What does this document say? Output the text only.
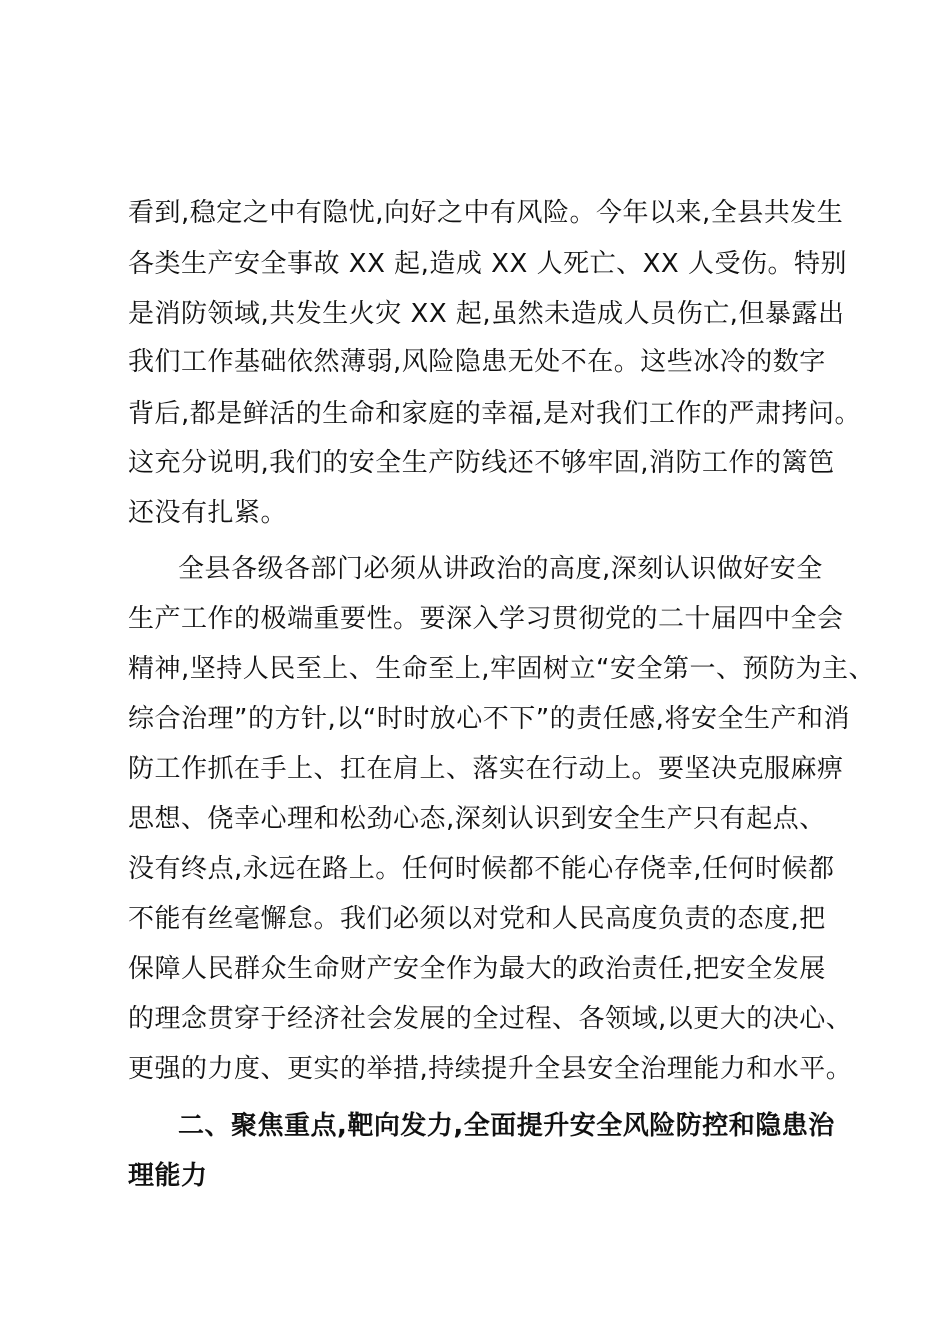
看到,稳定之中有隐忧,向好之中有风险。今年以来,全县共发生
各类生产安全事故 XX 起,造成 XX 人死亡、XX 人受伤。特别
是消防领域,共发生火灾 XX 起,虽然未造成人员伤亡,但暴露出
我们工作基础依然薄弱,风险隐患无处不在。这些冰冷的数字
背后,都是鲜活的生命和家庭的幸福,是对我们工作的严肃拷问。
这充分说明,我们的安全生产防线还不够牢固,消防工作的篱笆
还没有扎紧。
全县各级各部门必须从讲政治的高度,深刻认识做好安全
生产工作的极端重要性。要深入学习贯彻党的二十届四中全会
精神,坚持人民至上、生命至上,牢固树立“安全第一、预防为主、
综合治理”的方针,以“时时放心不下”的责任感,将安全生产和消
防工作抓在手上、扛在肩上、落实在行动上。要坚决克服麻痹
思想、侥幸心理和松劲心态,深刻认识到安全生产只有起点、
没有终点,永远在路上。任何时候都不能心存侥幸,任何时候都
不能有丝毫懈怠。我们必须以对党和人民高度负责的态度,把
保障人民群众生命财产安全作为最大的政治责任,把安全发展
的理念贯穿于经济社会发展的全过程、各领域,以更大的决心、
更强的力度、更实的举措,持续提升全县安全治理能力和水平。
二、聚焦重点,靶向发力,全面提升安全风险防控和隐患治
理能力
